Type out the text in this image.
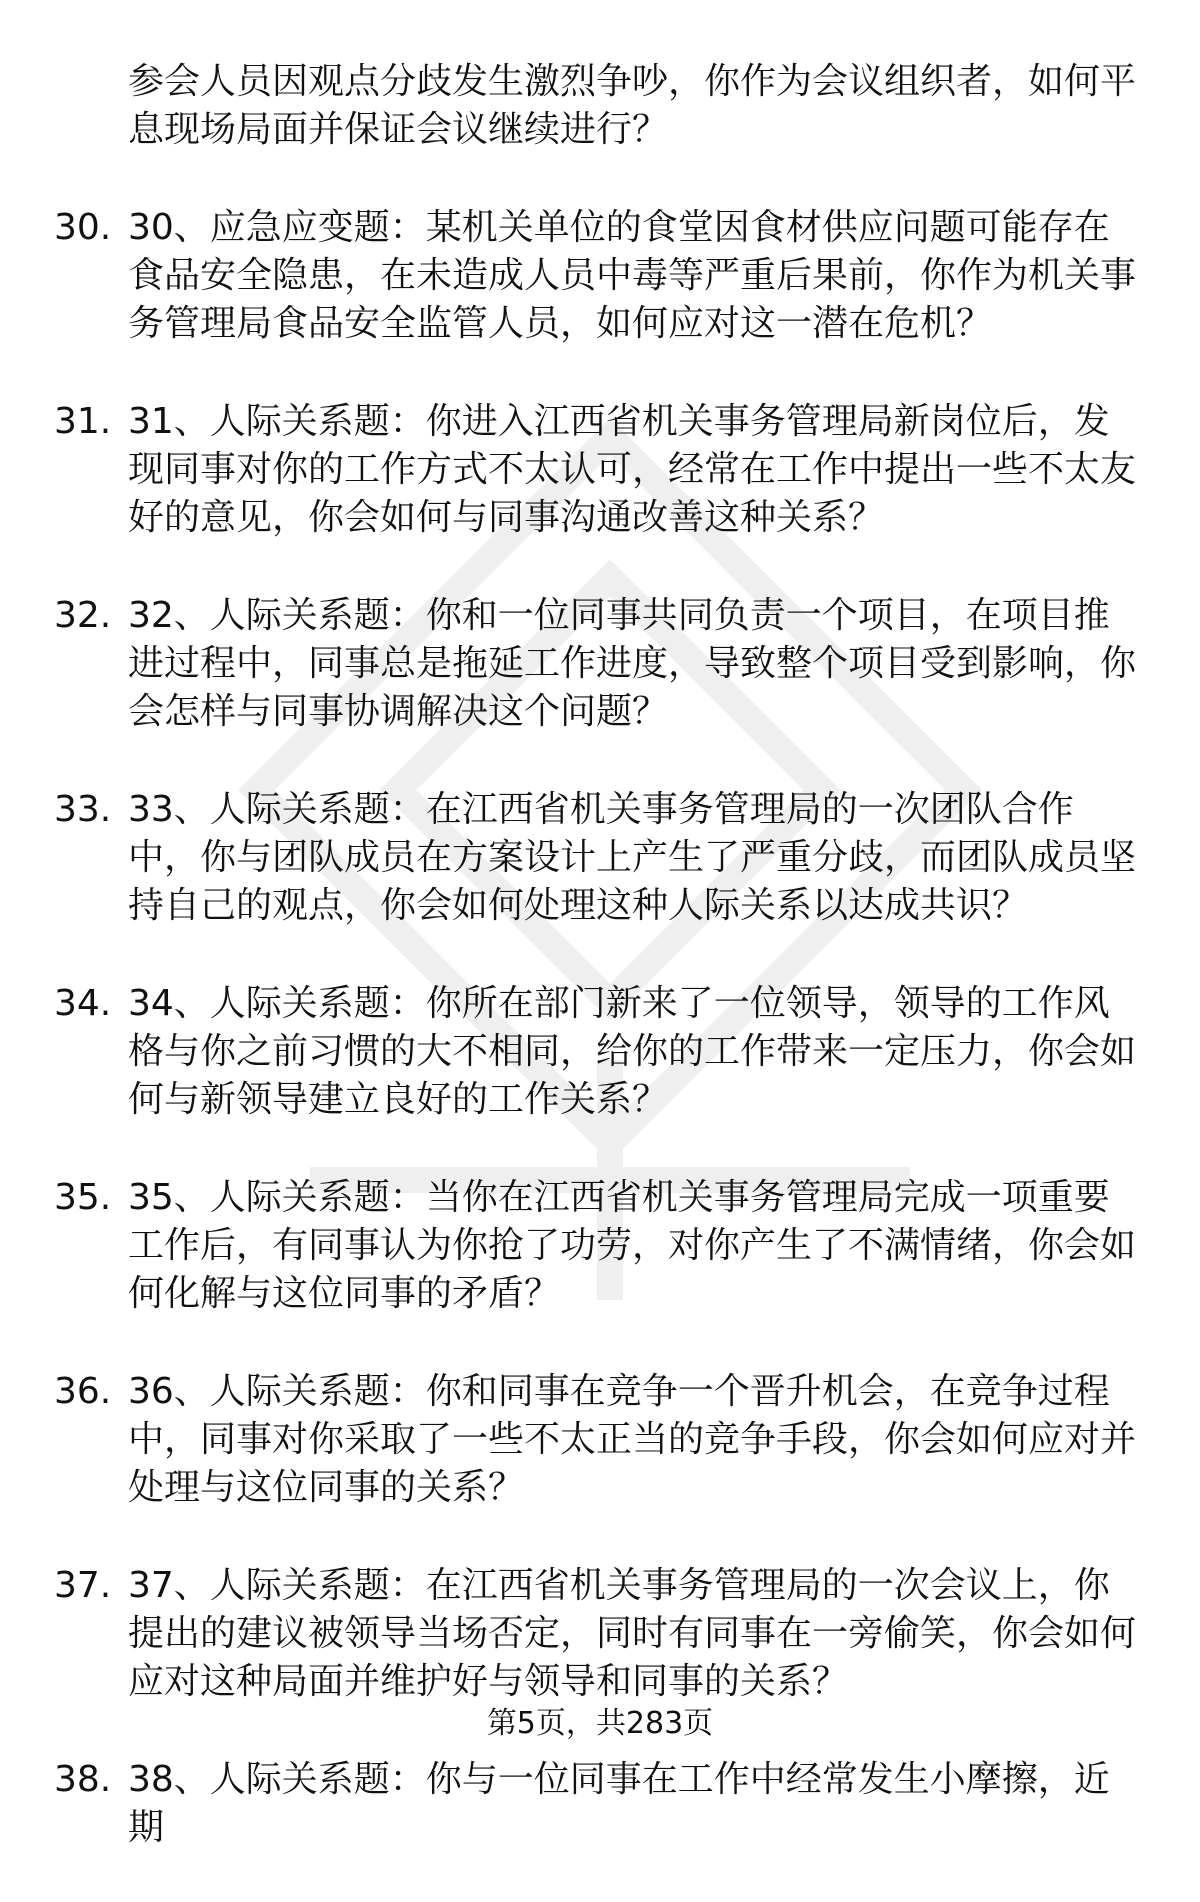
参会人员因观点分歧发生激烈争吵，你作为会议组织者，如何平息现场局面并保证会议继续进行？

30. 30、应急应变题：某机关单位的食堂因食材供应问题可能存在食品安全隐患，在未造成人员中毒等严重后果前，你作为机关事务管理局食品安全监管人员，如何应对这一潜在危机？
31. 31、人际关系题：你进入江西省机关事务管理局新岗位后，发现同事对你的工作方式不太认可，经常在工作中提出一些不太友好的意见，你会如何与同事沟通改善这种关系？
32. 32、人际关系题：你和一位同事共同负责一个项目，在项目推进过程中，同事总是拖延工作进度，导致整个项目受到影响，你会怎样与同事协调解决这个问题？
33. 33、人际关系题：在江西省机关事务管理局的一次团队合作中，你与团队成员在方案设计上产生了严重分歧，而团队成员坚持自己的观点，你会如何处理这种人际关系以达成共识？
34. 34、人际关系题：你所在部门新来了一位领导，领导的工作风格与你之前习惯的大不相同，给你的工作带来一定压力，你会如何与新领导建立良好的工作关系？
35. 35、人际关系题：当你在江西省机关事务管理局完成一项重要工作后，有同事认为你抢了功劳，对你产生了不满情绪，你会如何化解与这位同事的矛盾？
36. 36、人际关系题：你和同事在竞争一个晋升机会，在竞争过程中，同事对你采取了一些不太正当的竞争手段，你会如何应对并处理与这位同事的关系？
37. 37、人际关系题：在江西省机关事务管理局的一次会议上，你提出的建议被领导当场否定，同时有同事在一旁偷笑，你会如何应对这种局面并维护好与领导和同事的关系？
38. 38、人际关系题：你与一位同事在工作中经常发生小摩擦，近期
第5页，共283页
